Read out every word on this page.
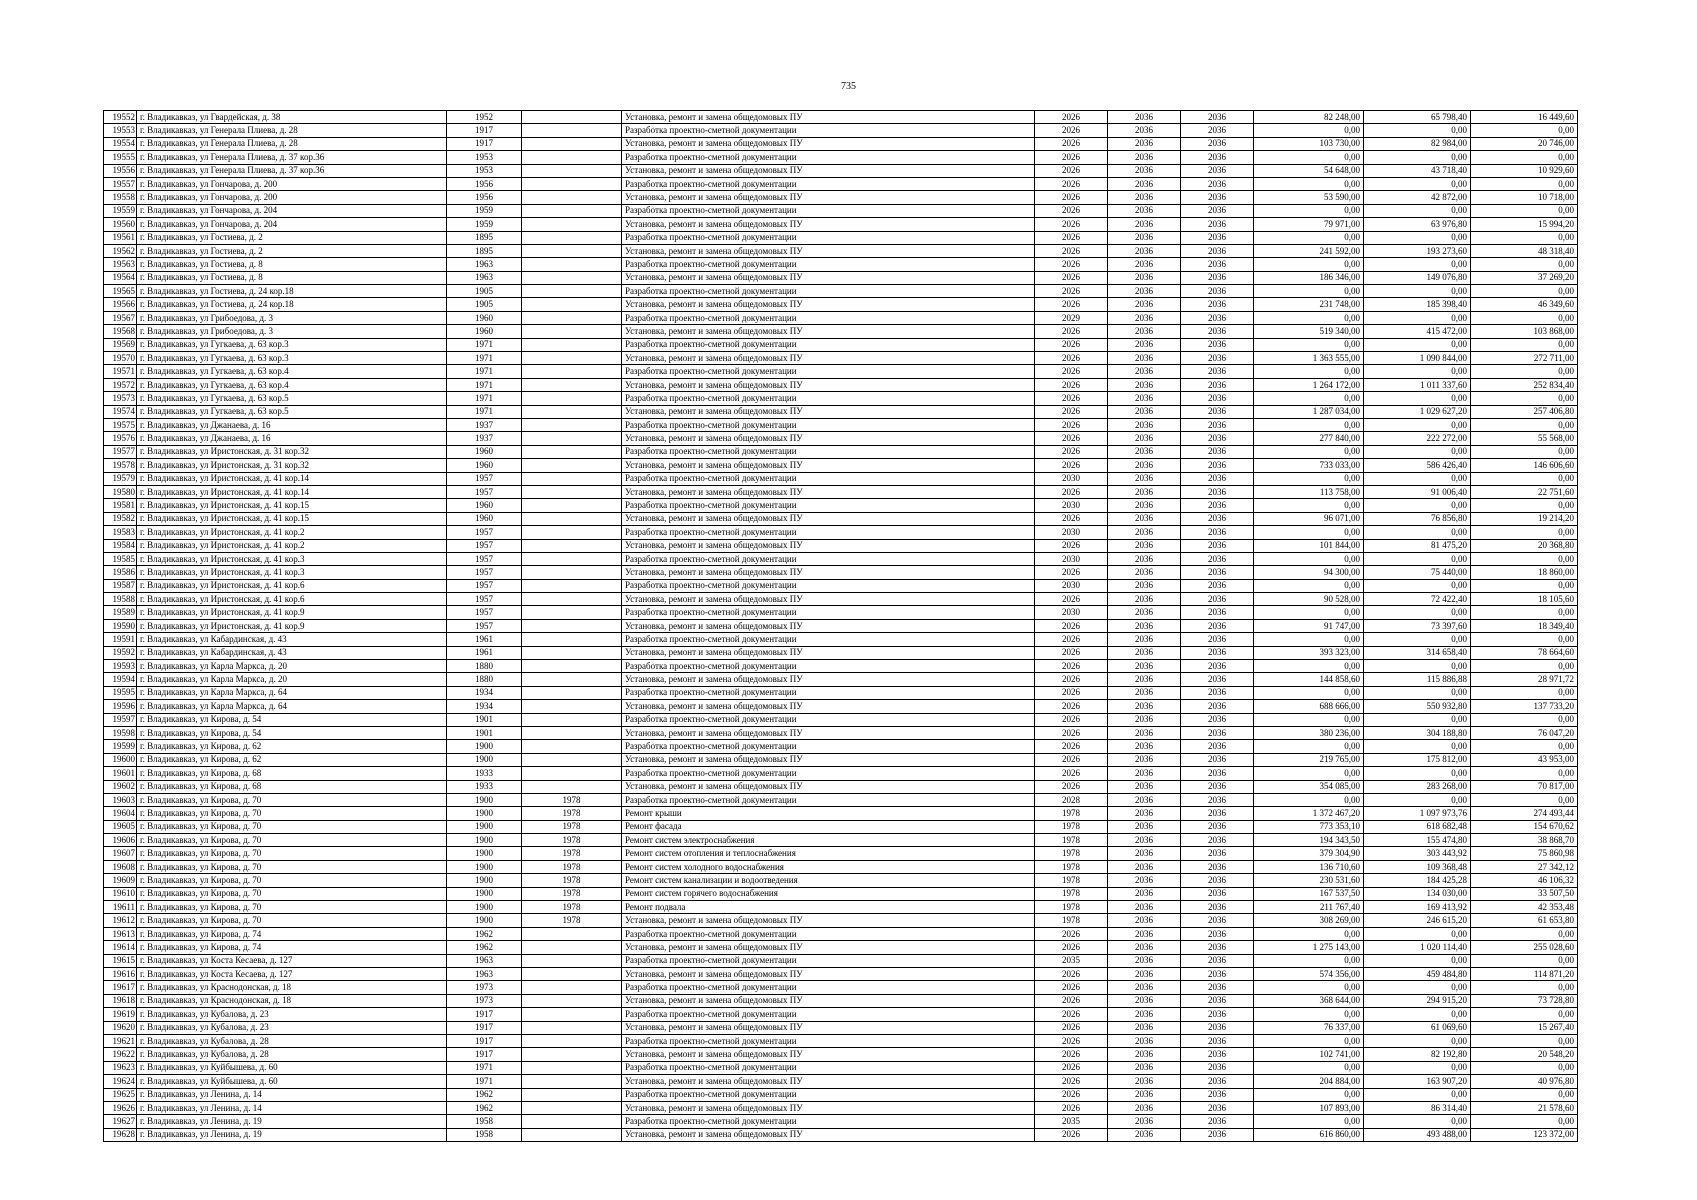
735
19552	г. Владикавказ, ул Гвардейская, д. 38	1952		Установка, ремонт и замена общедомовых ПУ	2026	2036	2036	82 248,00	65 798,40	16 449,60
19553	г. Владикавказ, ул Генерала Плиева, д. 28	1917		Разработка проектно-сметной документации	2026	2036	2036	0,00	0,00	0,00
19554	г. Владикавказ, ул Генерала Плиева, д. 28	1917		Установка, ремонт и замена общедомовых ПУ	2026	2036	2036	103 730,00	82 984,00	20 746,00
19555	г. Владикавказ, ул Генерала Плиева, д. 37 кор.36	1953		Разработка проектно-сметной документации	2026	2036	2036	0,00	0,00	0,00
19556	г. Владикавказ, ул Генерала Плиева, д. 37 кор.36	1953		Установка, ремонт и замена общедомовых ПУ	2026	2036	2036	54 648,00	43 718,40	10 929,60
19557	г. Владикавказ, ул Гончарова, д. 200	1956		Разработка проектно-сметной документации	2026	2036	2036	0,00	0,00	0,00
19558	г. Владикавказ, ул Гончарова, д. 200	1956		Установка, ремонт и замена общедомовых ПУ	2026	2036	2036	53 590,00	42 872,00	10 718,00
19559	г. Владикавказ, ул Гончарова, д. 204	1959		Разработка проектно-сметной документации	2026	2036	2036	0,00	0,00	0,00
19560	г. Владикавказ, ул Гончарова, д. 204	1959		Установка, ремонт и замена общедомовых ПУ	2026	2036	2036	79 971,00	63 976,80	15 994,20
19561	г. Владикавказ, ул Гостиева, д. 2	1895		Разработка проектно-сметной документации	2026	2036	2036	0,00	0,00	0,00
19562	г. Владикавказ, ул Гостиева, д. 2	1895		Установка, ремонт и замена общедомовых ПУ	2026	2036	2036	241 592,00	193 273,60	48 318,40
19563	г. Владикавказ, ул Гостиева, д. 8	1963		Разработка проектно-сметной документации	2026	2036	2036	0,00	0,00	0,00
19564	г. Владикавказ, ул Гостиева, д. 8	1963		Установка, ремонт и замена общедомовых ПУ	2026	2036	2036	186 346,00	149 076,80	37 269,20
19565	г. Владикавказ, ул Гостиева, д. 24 кор.18	1905		Разработка проектно-сметной документации	2026	2036	2036	0,00	0,00	0,00
19566	г. Владикавказ, ул Гостиева, д. 24 кор.18	1905		Установка, ремонт и замена общедомовых ПУ	2026	2036	2036	231 748,00	185 398,40	46 349,60
19567	г. Владикавказ, ул Грибоедова, д. 3	1960		Разработка проектно-сметной документации	2029	2036	2036	0,00	0,00	0,00
19568	г. Владикавказ, ул Грибоедова, д. 3	1960		Установка, ремонт и замена общедомовых ПУ	2026	2036	2036	519 340,00	415 472,00	103 868,00
19569	г. Владикавказ, ул Гугкаева, д. 63 кор.3	1971		Разработка проектно-сметной документации	2026	2036	2036	0,00	0,00	0,00
19570	г. Владикавказ, ул Гугкаева, д. 63 кор.3	1971		Установка, ремонт и замена общедомовых ПУ	2026	2036	2036	1 363 555,00	1 090 844,00	272 711,00
19571	г. Владикавказ, ул Гугкаева, д. 63 кор.4	1971		Разработка проектно-сметной документации	2026	2036	2036	0,00	0,00	0,00
19572	г. Владикавказ, ул Гугкаева, д. 63 кор.4	1971		Установка, ремонт и замена общедомовых ПУ	2026	2036	2036	1 264 172,00	1 011 337,60	252 834,40
19573	г. Владикавказ, ул Гугкаева, д. 63 кор.5	1971		Разработка проектно-сметной документации	2026	2036	2036	0,00	0,00	0,00
19574	г. Владикавказ, ул Гугкаева, д. 63 кор.5	1971		Установка, ремонт и замена общедомовых ПУ	2026	2036	2036	1 287 034,00	1 029 627,20	257 406,80
19575	г. Владикавказ, ул Джанаева, д. 16	1937		Разработка проектно-сметной документации	2026	2036	2036	0,00	0,00	0,00
19576	г. Владикавказ, ул Джанаева, д. 16	1937		Установка, ремонт и замена общедомовых ПУ	2026	2036	2036	277 840,00	222 272,00	55 568,00
19577	г. Владикавказ, ул Иристонская, д. 31 кор.32	1960		Разработка проектно-сметной документации	2026	2036	2036	0,00	0,00	0,00
19578	г. Владикавказ, ул Иристонская, д. 31 кор.32	1960		Установка, ремонт и замена общедомовых ПУ	2026	2036	2036	733 033,00	586 426,40	146 606,60
19579	г. Владикавказ, ул Иристонская, д. 41 кор.14	1957		Разработка проектно-сметной документации	2030	2036	2036	0,00	0,00	0,00
19580	г. Владикавказ, ул Иристонская, д. 41 кор.14	1957		Установка, ремонт и замена общедомовых ПУ	2026	2036	2036	113 758,00	91 006,40	22 751,60
19581	г. Владикавказ, ул Иристонская, д. 41 кор.15	1960		Разработка проектно-сметной документации	2030	2036	2036	0,00	0,00	0,00
19582	г. Владикавказ, ул Иристонская, д. 41 кор.15	1960		Установка, ремонт и замена общедомовых ПУ	2026	2036	2036	96 071,00	76 856,80	19 214,20
19583	г. Владикавказ, ул Иристонская, д. 41 кор.2	1957		Разработка проектно-сметной документации	2030	2036	2036	0,00	0,00	0,00
19584	г. Владикавказ, ул Иристонская, д. 41 кор.2	1957		Установка, ремонт и замена общедомовых ПУ	2026	2036	2036	101 844,00	81 475,20	20 368,80
19585	г. Владикавказ, ул Иристонская, д. 41 кор.3	1957		Разработка проектно-сметной документации	2030	2036	2036	0,00	0,00	0,00
19586	г. Владикавказ, ул Иристонская, д. 41 кор.3	1957		Установка, ремонт и замена общедомовых ПУ	2026	2036	2036	94 300,00	75 440,00	18 860,00
19587	г. Владикавказ, ул Иристонская, д. 41 кор.6	1957		Разработка проектно-сметной документации	2030	2036	2036	0,00	0,00	0,00
19588	г. Владикавказ, ул Иристонская, д. 41 кор.6	1957		Установка, ремонт и замена общедомовых ПУ	2026	2036	2036	90 528,00	72 422,40	18 105,60
19589	г. Владикавказ, ул Иристонская, д. 41 кор.9	1957		Разработка проектно-сметной документации	2030	2036	2036	0,00	0,00	0,00
19590	г. Владикавказ, ул Иристонская, д. 41 кор.9	1957		Установка, ремонт и замена общедомовых ПУ	2026	2036	2036	91 747,00	73 397,60	18 349,40
19591	г. Владикавказ, ул Кабардинская, д. 43	1961		Разработка проектно-сметной документации	2026	2036	2036	0,00	0,00	0,00
19592	г. Владикавказ, ул Кабардинская, д. 43	1961		Установка, ремонт и замена общедомовых ПУ	2026	2036	2036	393 323,00	314 658,40	78 664,60
19593	г. Владикавказ, ул Карла Маркса, д. 20	1880		Разработка проектно-сметной документации	2026	2036	2036	0,00	0,00	0,00
19594	г. Владикавказ, ул Карла Маркса, д. 20	1880		Установка, ремонт и замена общедомовых ПУ	2026	2036	2036	144 858,60	115 886,88	28 971,72
19595	г. Владикавказ, ул Карла Маркса, д. 64	1934		Разработка проектно-сметной документации	2026	2036	2036	0,00	0,00	0,00
19596	г. Владикавказ, ул Карла Маркса, д. 64	1934		Установка, ремонт и замена общедомовых ПУ	2026	2036	2036	688 666,00	550 932,80	137 733,20
19597	г. Владикавказ, ул Кирова, д. 54	1901		Разработка проектно-сметной документации	2026	2036	2036	0,00	0,00	0,00
19598	г. Владикавказ, ул Кирова, д. 54	1901		Установка, ремонт и замена общедомовых ПУ	2026	2036	2036	380 236,00	304 188,80	76 047,20
19599	г. Владикавказ, ул Кирова, д. 62	1900		Разработка проектно-сметной документации	2026	2036	2036	0,00	0,00	0,00
19600	г. Владикавказ, ул Кирова, д. 62	1900		Установка, ремонт и замена общедомовых ПУ	2026	2036	2036	219 765,00	175 812,00	43 953,00
19601	г. Владикавказ, ул Кирова, д. 68	1933		Разработка проектно-сметной документации	2026	2036	2036	0,00	0,00	0,00
19602	г. Владикавказ, ул Кирова, д. 68	1933		Установка, ремонт и замена общедомовых ПУ	2026	2036	2036	354 085,00	283 268,00	70 817,00
19603	г. Владикавказ, ул Кирова, д. 70	1900	1978	Разработка проектно-сметной документации	2028	2036	2036	0,00	0,00	0,00
19604	г. Владикавказ, ул Кирова, д. 70	1900	1978	Ремонт крыши	1978	2036	2036	1 372 467,20	1 097 973,76	274 493,44
19605	г. Владикавказ, ул Кирова, д. 70	1900	1978	Ремонт фасада	1978	2036	2036	773 353,10	618 682,48	154 670,62
19606	г. Владикавказ, ул Кирова, д. 70	1900	1978	Ремонт систем электроснабжения	1978	2036	2036	194 343,50	155 474,80	38 868,70
19607	г. Владикавказ, ул Кирова, д. 70	1900	1978	Ремонт систем отопления и теплоснабжения	1978	2036	2036	379 304,90	303 443,92	75 860,98
19608	г. Владикавказ, ул Кирова, д. 70	1900	1978	Ремонт систем холодного водоснабжения	1978	2036	2036	136 710,60	109 368,48	27 342,12
19609	г. Владикавказ, ул Кирова, д. 70	1900	1978	Ремонт систем канализации и водоотведения	1978	2036	2036	230 531,60	184 425,28	46 106,32
19610	г. Владикавказ, ул Кирова, д. 70	1900	1978	Ремонт систем горячего водоснабжения	1978	2036	2036	167 537,50	134 030,00	33 507,50
19611	г. Владикавказ, ул Кирова, д. 70	1900	1978	Ремонт подвала	1978	2036	2036	211 767,40	169 413,92	42 353,48
19612	г. Владикавказ, ул Кирова, д. 70	1900	1978	Установка, ремонт и замена общедомовых ПУ	1978	2036	2036	308 269,00	246 615,20	61 653,80
19613	г. Владикавказ, ул Кирова, д. 74	1962		Разработка проектно-сметной документации	2026	2036	2036	0,00	0,00	0,00
19614	г. Владикавказ, ул Кирова, д. 74	1962		Установка, ремонт и замена общедомовых ПУ	2026	2036	2036	1 275 143,00	1 020 114,40	255 028,60
19615	г. Владикавказ, ул Коста Кесаева, д. 127	1963		Разработка проектно-сметной документации	2035	2036	2036	0,00	0,00	0,00
19616	г. Владикавказ, ул Коста Кесаева, д. 127	1963		Установка, ремонт и замена общедомовых ПУ	2026	2036	2036	574 356,00	459 484,80	114 871,20
19617	г. Владикавказ, ул Краснодонская, д. 18	1973		Разработка проектно-сметной документации	2026	2036	2036	0,00	0,00	0,00
19618	г. Владикавказ, ул Краснодонская, д. 18	1973		Установка, ремонт и замена общедомовых ПУ	2026	2036	2036	368 644,00	294 915,20	73 728,80
19619	г. Владикавказ, ул Кубалова, д. 23	1917		Разработка проектно-сметной документации	2026	2036	2036	0,00	0,00	0,00
19620	г. Владикавказ, ул Кубалова, д. 23	1917		Установка, ремонт и замена общедомовых ПУ	2026	2036	2036	76 337,00	61 069,60	15 267,40
19621	г. Владикавказ, ул Кубалова, д. 28	1917		Разработка проектно-сметной документации	2026	2036	2036	0,00	0,00	0,00
19622	г. Владикавказ, ул Кубалова, д. 28	1917		Установка, ремонт и замена общедомовых ПУ	2026	2036	2036	102 741,00	82 192,80	20 548,20
19623	г. Владикавказ, ул Куйбышева, д. 60	1971		Разработка проектно-сметной документации	2026	2036	2036	0,00	0,00	0,00
19624	г. Владикавказ, ул Куйбышева, д. 60	1971		Установка, ремонт и замена общедомовых ПУ	2026	2036	2036	204 884,00	163 907,20	40 976,80
19625	г. Владикавказ, ул Ленина, д. 14	1962		Разработка проектно-сметной документации	2026	2036	2036	0,00	0,00	0,00
19626	г. Владикавказ, ул Ленина, д. 14	1962		Установка, ремонт и замена общедомовых ПУ	2026	2036	2036	107 893,00	86 314,40	21 578,60
19627	г. Владикавказ, ул Ленина, д. 19	1958		Разработка проектно-сметной документации	2035	2036	2036	0,00	0,00	0,00
19628	г. Владикавказ, ул Ленина, д. 19	1958		Установка, ремонт и замена общедомовых ПУ	2026	2036	2036	616 860,00	493 488,00	123 372,00
